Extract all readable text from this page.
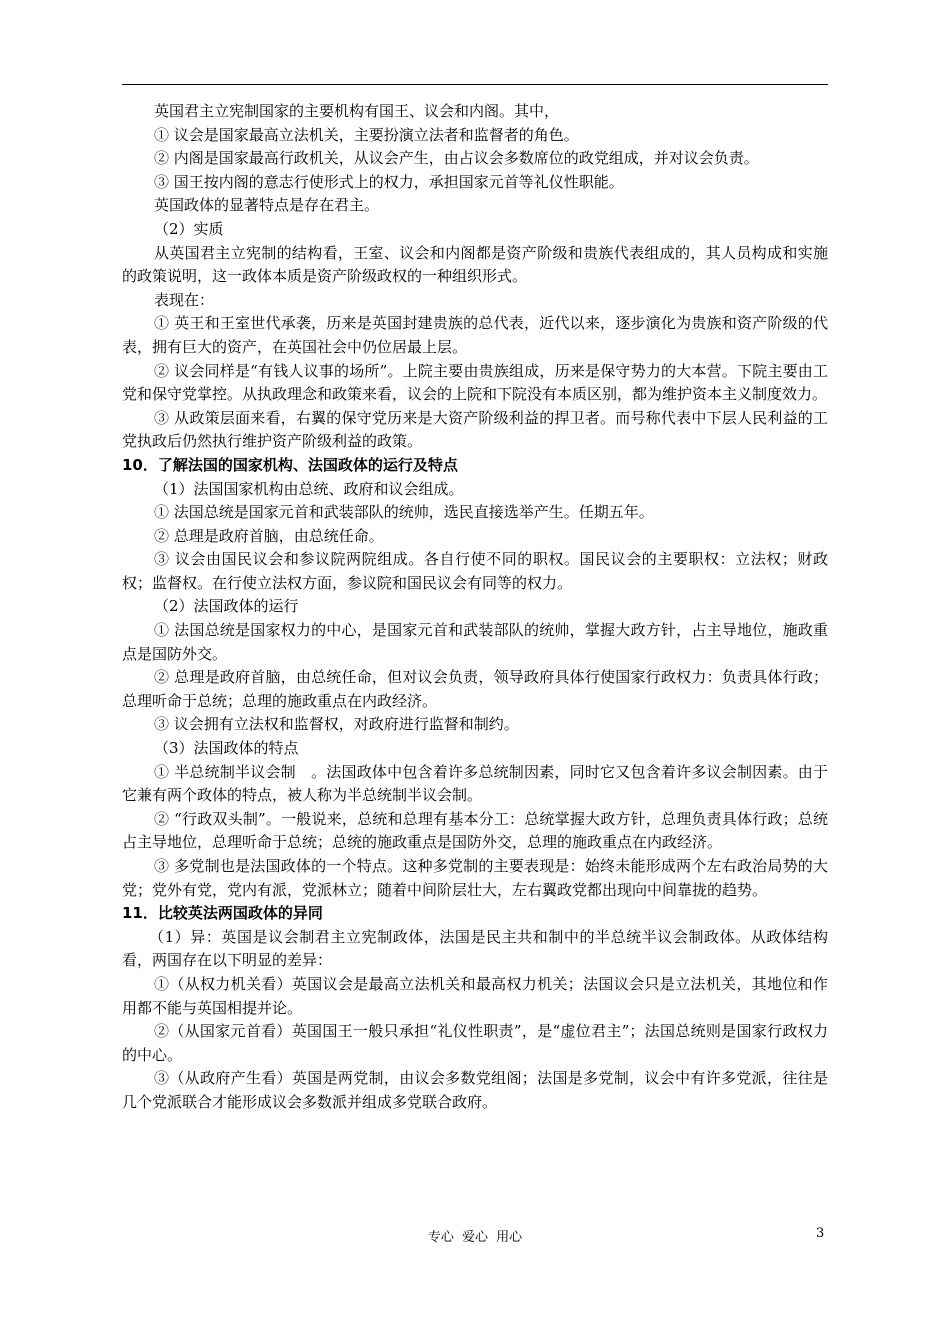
英国君主立宪制国家的主要机构有国王、议会和内阁。其中，

① 议会是国家最高立法机关，主要扮演立法者和监督者的角色。

② 内阁是国家最高行政机关，从议会产生，由占议会多数席位的政党组成，并对议会负责。

③ 国王按内阁的意志行使形式上的权力，承担国家元首等礼仪性职能。

英国政体的显著特点是存在君主。

（2）实质

从英国君主立宪制的结构看，王室、议会和内阁都是资产阶级和贵族代表组成的，其人员构成和实施的政策说明，这一政体本质是资产阶级政权的一种组织形式。

表现在：

① 英王和王室世代承袭，历来是英国封建贵族的总代表，近代以来，逐步演化为贵族和资产阶级的代表，拥有巨大的资产，在英国社会中仍位居最上层。

② 议会同样是“有钱人议事的场所”。上院主要由贵族组成，历来是保守势力的大本营。下院主要由工党和保守党掌控。从执政理念和政策来看，议会的上院和下院没有本质区别，都为维护资本主义制度效力。

③ 从政策层面来看，右翼的保守党历来是大资产阶级利益的捍卫者。而号称代表中下层人民利益的工党执政后仍然执行维护资产阶级利益的政策。

10．了解法国的国家机构、法国政体的运行及特点

（1）法国国家机构由总统、政府和议会组成。

① 法国总统是国家元首和武装部队的统帅，选民直接选举产生。任期五年。

② 总理是政府首脑，由总统任命。

③ 议会由国民议会和参议院两院组成。各自行使不同的职权。国民议会的主要职权：立法权；财政权；监督权。在行使立法权方面，参议院和国民议会有同等的权力。

（2）法国政体的运行

① 法国总统是国家权力的中心，是国家元首和武装部队的统帅，掌握大政方针，占主导地位，施政重点是国防外交。

② 总理是政府首脑，由总统任命，但对议会负责，领导政府具体行使国家行政权力：负责具体行政；总理听命于总统；总理的施政重点在内政经济。

③ 议会拥有立法权和监督权，对政府进行监督和制约。

（3）法国政体的特点

① 半总统制半议会制　。法国政体中包含着许多总统制因素，同时它又包含着许多议会制因素。由于它兼有两个政体的特点，被人称为半总统制半议会制。

② “行政双头制”。一般说来，总统和总理有基本分工：总统掌握大政方针，总理负责具体行政；总统占主导地位，总理听命于总统；总统的施政重点是国防外交，总理的施政重点在内政经济。

③ 多党制也是法国政体的一个特点。这种多党制的主要表现是：始终未能形成两个左右政治局势的大党；党外有党，党内有派，党派林立；随着中间阶层壮大，左右翼政党都出现向中间靠拢的趋势。

11．比较英法两国政体的异同

（1）异：英国是议会制君主立宪制政体，法国是民主共和制中的半总统半议会制政体。从政体结构看，两国存在以下明显的差异：

①（从权力机关看）英国议会是最高立法机关和最高权力机关；法国议会只是立法机关，其地位和作用都不能与英国相提并论。

②（从国家元首看）英国国王一般只承担“礼仪性职责”，是“虚位君主”；法国总统则是国家行政权力的中心。

③（从政府产生看）英国是两党制，由议会多数党组阁；法国是多党制，议会中有许多党派，往往是几个党派联合才能形成议会多数派并组成多党联合政府。

专心 爱心 用心	3
